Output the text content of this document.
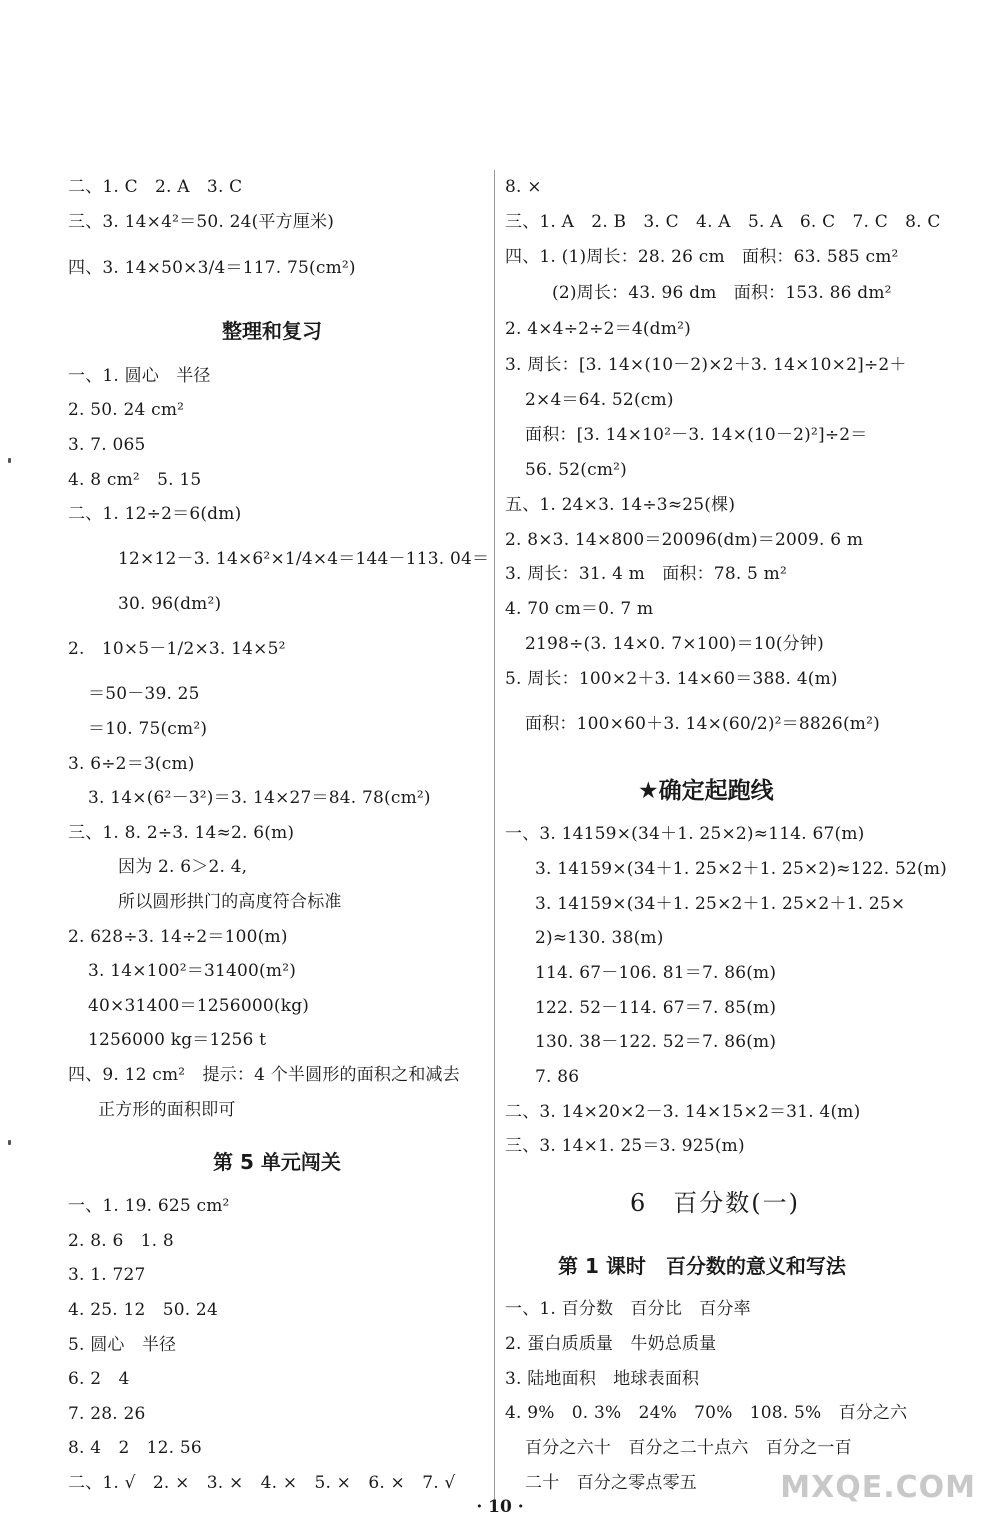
二、1. C　2. A　3. C
三、3. 14×4²＝50. 24(平方厘米)
四、3. 14×50×3/4＝117. 75(cm²)
整理和复习
一、1. 圆心　半径
2. 50. 24 cm²
3. 7. 065
4. 8 cm²　5. 15
二、1. 12÷2＝6(dm)
12×12－3. 14×6²×1/4×4＝144－113. 04＝
30. 96(dm²)
2.　10×5－1/2×3. 14×5²
＝50－39. 25
＝10. 75(cm²)
3. 6÷2＝3(cm)
3. 14×(6²－3²)＝3. 14×27＝84. 78(cm²)
三、1. 8. 2÷3. 14≈2. 6(m)
因为 2. 6＞2. 4,
所以圆形拱门的高度符合标准
2. 628÷3. 14÷2＝100(m)
3. 14×100²＝31400(m²)
40×31400＝1256000(kg)
1256000 kg＝1256 t
四、9. 12 cm²　提示：4 个半圆形的面积之和减去
正方形的面积即可
第 5 单元闯关
一、1. 19. 625 cm²
2. 8. 6　1. 8
3. 1. 727
4. 25. 12　50. 24
5. 圆心　半径
6. 2　4
7. 28. 26
8. 4　2　12. 56
二、1. √　2. ×　3. ×　4. ×　5. ×　6. ×　7. √
8. ×
三、1. A　2. B　3. C　4. A　5. A　6. C　7. C　8. C
四、1. (1)周长：28. 26 cm　面积：63. 585 cm²
(2)周长：43. 96 dm　面积：153. 86 dm²
2. 4×4÷2÷2＝4(dm²)
3. 周长：[3. 14×(10－2)×2＋3. 14×10×2]÷2＋
2×4＝64. 52(cm)
面积：[3. 14×10²－3. 14×(10－2)²]÷2＝
56. 52(cm²)
五、1. 24×3. 14÷3≈25(棵)
2. 8×3. 14×800＝20096(dm)＝2009. 6 m
3. 周长：31. 4 m　面积：78. 5 m²
4. 70 cm＝0. 7 m
2198÷(3. 14×0. 7×100)＝10(分钟)
5. 周长：100×2＋3. 14×60＝388. 4(m)
面积：100×60＋3. 14×(60/2)²＝8826(m²)
★确定起跑线
一、3. 14159×(34＋1. 25×2)≈114. 67(m)
3. 14159×(34＋1. 25×2＋1. 25×2)≈122. 52(m)
3. 14159×(34＋1. 25×2＋1. 25×2＋1. 25×
2)≈130. 38(m)
114. 67－106. 81＝7. 86(m)
122. 52－114. 67＝7. 85(m)
130. 38－122. 52＝7. 86(m)
7. 86
二、3. 14×20×2－3. 14×15×2＝31. 4(m)
三、3. 14×1. 25＝3. 925(m)
6　百分数(一)
第 1 课时　百分数的意义和写法
一、1. 百分数　百分比　百分率
2. 蛋白质质量　牛奶总质量
3. 陆地面积　地球表面积
4. 9%　0. 3%　24%　70%　108. 5%　百分之六
百分之六十　百分之二十点六　百分之一百
二十　百分之零点零五
· 10 ·
MXQE.COM
